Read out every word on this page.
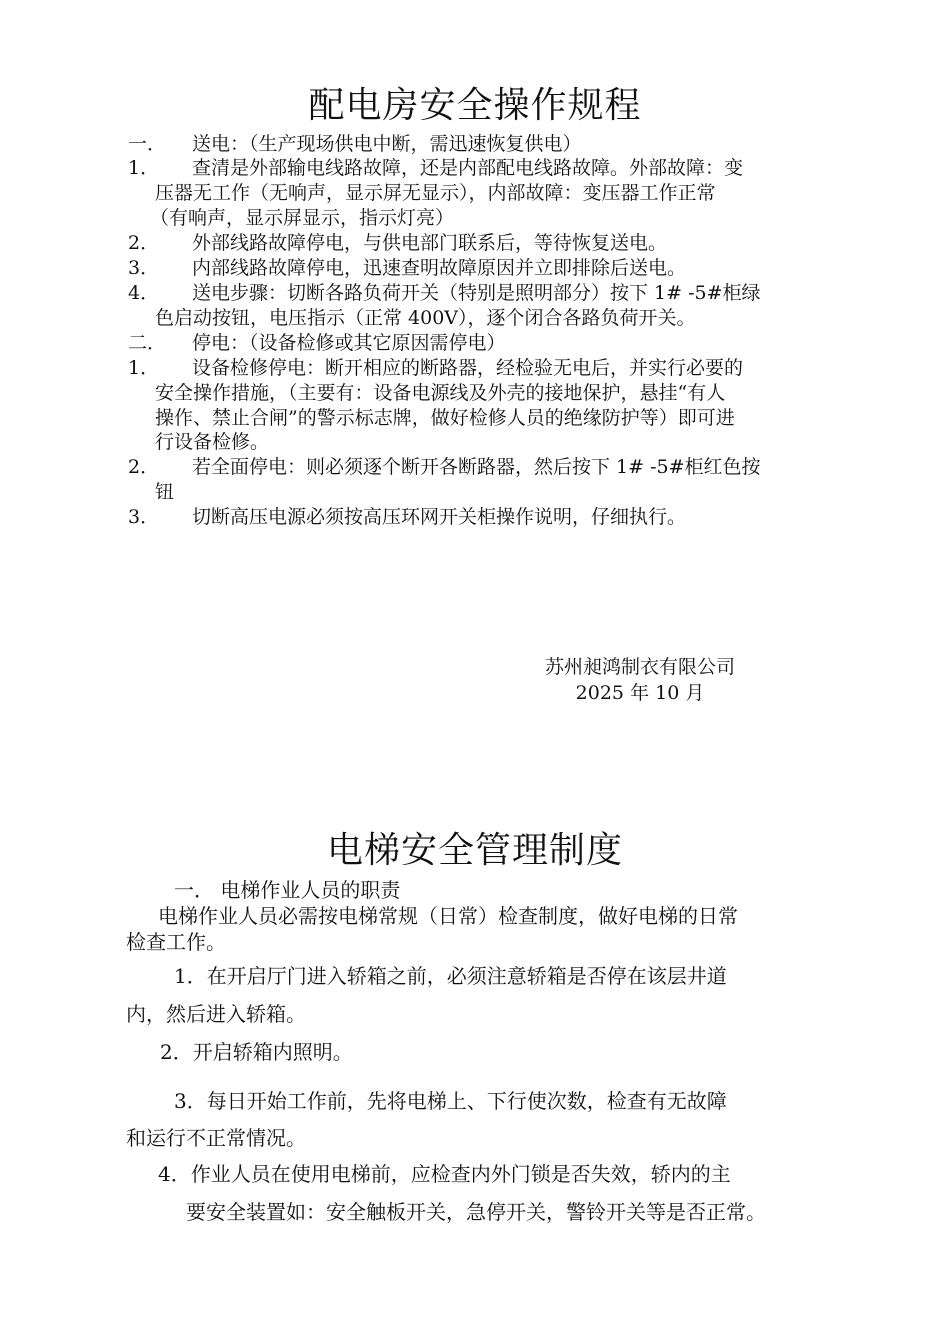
配电房安全操作规程
一． 送电：（生产现场供电中断，需迅速恢复供电）
1． 查清是外部输电线路故障，还是内部配电线路故障。外部故障：变
压器无工作（无响声，显示屏无显示），内部故障：变压器工作正常
（有响声，显示屏显示，指示灯亮）
2． 外部线路故障停电，与供电部门联系后，等待恢复送电。
3． 内部线路故障停电，迅速查明故障原因并立即排除后送电。
4． 送电步骤：切断各路负荷开关（特别是照明部分）按下 1# -5#柜绿
色启动按钮，电压指示（正常 400V），逐个闭合各路负荷开关。
二． 停电：（设备检修或其它原因需停电）
1． 设备检修停电：断开相应的断路器，经检验无电后，并实行必要的
安全操作措施，（主要有：设备电源线及外壳的接地保护，悬挂“有人
操作、禁止合闸”的警示标志牌，做好检修人员的绝缘防护等）即可进
行设备检修。
2． 若全面停电：则必须逐个断开各断路器，然后按下 1# -5#柜红色按
钮
3． 切断高压电源必须按高压环网开关柜操作说明，仔细执行。
苏州昶鸿制衣有限公司
2025 年 10 月
电梯安全管理制度
一． 电梯作业人员的职责
电梯作业人员必需按电梯常规（日常）检查制度，做好电梯的日常
检查工作。
1．在开启厅门进入轿箱之前，必须注意轿箱是否停在该层井道
内，然后进入轿箱。
2．开启轿箱内照明。
3．每日开始工作前，先将电梯上、下行使次数，检查有无故障
和运行不正常情况。
4．作业人员在使用电梯前，应检查内外门锁是否失效，轿内的主
要安全装置如：安全触板开关，急停开关，警铃开关等是否正常。
